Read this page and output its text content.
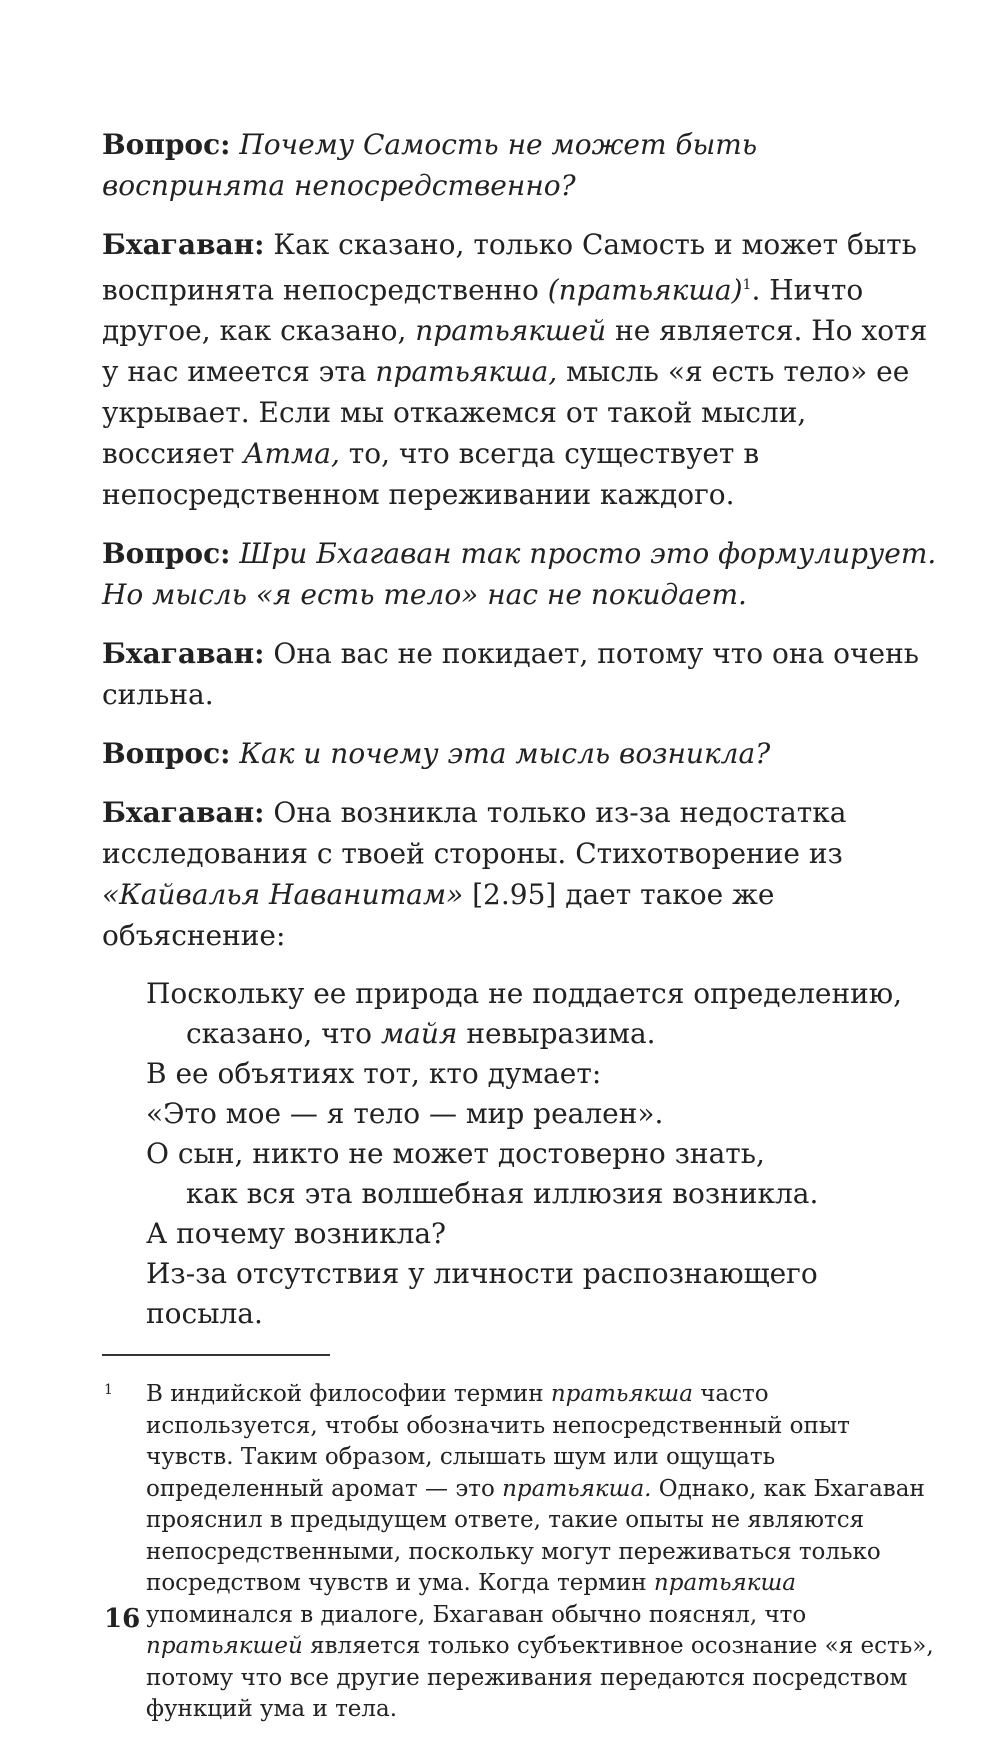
Вопрос: Почему Самость не может быть воспринята непосредственно?

Бхагаван: Как сказано, только Самость и может быть воспринята непосредственно (пратьякша)$^1$. Ничто другое, как сказано, пратьякшей не является. Но хотя у нас имеется эта пратьякша, мысль «я есть тело» ее укрывает. Если мы откажемся от такой мысли, воссияет Атма, то, что всегда существует в непосредственном переживании каждого.

Вопрос: Шри Бхагаван так просто это формулирует. Но мысль «я есть тело» нас не покидает.

Бхагаван: Она вас не покидает, потому что она очень сильна.

Вопрос: Как и почему эта мысль возникла?

Бхагаван: Она возникла только из-за недостатка исследования с твоей стороны. Стихотворение из «Кайвалья Наванитам» [2.95] дает такое же объяснение:

Поскольку ее природа не поддается определению,
сказано, что майя невыразима.
В ее объятиях тот, кто думает:
«Это мое — я тело — мир реален».
О сын, никто не может достоверно знать,
как вся эта волшебная иллюзия возникла.
А почему возникла?
Из-за отсутствия у личности распознающего посыла.

1 В индийской философии термин пратьякша часто используется, чтобы обозначить непосредственный опыт чувств. Таким образом, слышать шум или ощущать определенный аромат — это пратьякша. Однако, как Бхагаван прояснил в предыдущем ответе, такие опыты не являются непосредственными, поскольку могут переживаться только посредством чувств и ума. Когда термин пратьякша упоминался в диалоге, Бхагаван обычно пояснял, что пратьякшей является только субъективное осознание «я есть», потому что все другие переживания передаются посредством функций ума и тела.

16
